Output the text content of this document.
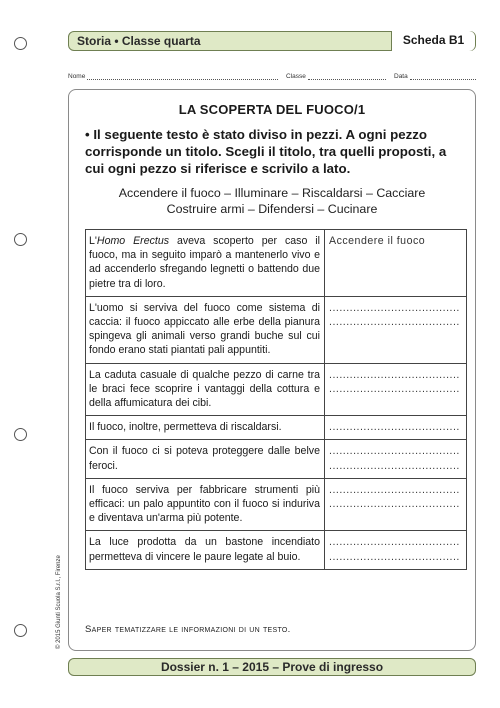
Storia • Classe quarta	Scheda B1
Nome	Classe	Data
LA SCOPERTA DEL FUOCO/1
• Il seguente testo è stato diviso in pezzi. A ogni pezzo corrisponde un titolo. Scegli il titolo, tra quelli proposti, a cui ogni pezzo si riferisce e scrivilo a lato.
Accendere il fuoco – Illuminare – Riscaldarsi – Cacciare
Costruire armi – Difendersi – Cucinare
L'Homo Erectus aveva scoperto per caso il fuoco, ma in seguito imparò a mantenerlo vivo e ad accenderlo sfregando legnetti o battendo due pietre tra di loro.	Accendere il fuoco

L'uomo si serviva del fuoco come sistema di caccia: il fuoco appiccato alle erbe della pianura spingeva gli animali verso grandi buche sul cui fondo erano stati piantati pali appuntiti.	......................................
......................................

La caduta casuale di qualche pezzo di carne tra le braci fece scoprire i vantaggi della cottura e della affumicatura dei cibi.	......................................
......................................

Il fuoco, inoltre, permetteva di riscaldarsi.	......................................

Con il fuoco ci si poteva proteggere dalle belve feroci.	......................................
......................................

Il fuoco serviva per fabbricare strumenti più efficaci: un palo appuntito con il fuoco si induriva e diventava un'arma più potente.	......................................
......................................

La luce prodotta da un bastone incendiato permetteva di vincere le paure legate al buio.	......................................
......................................
Saper tematizzare le informazioni di un testo.
© 2015 Giunti Scuola S.r.l., Firenze
Dossier n. 1 – 2015 – Prove di ingresso
